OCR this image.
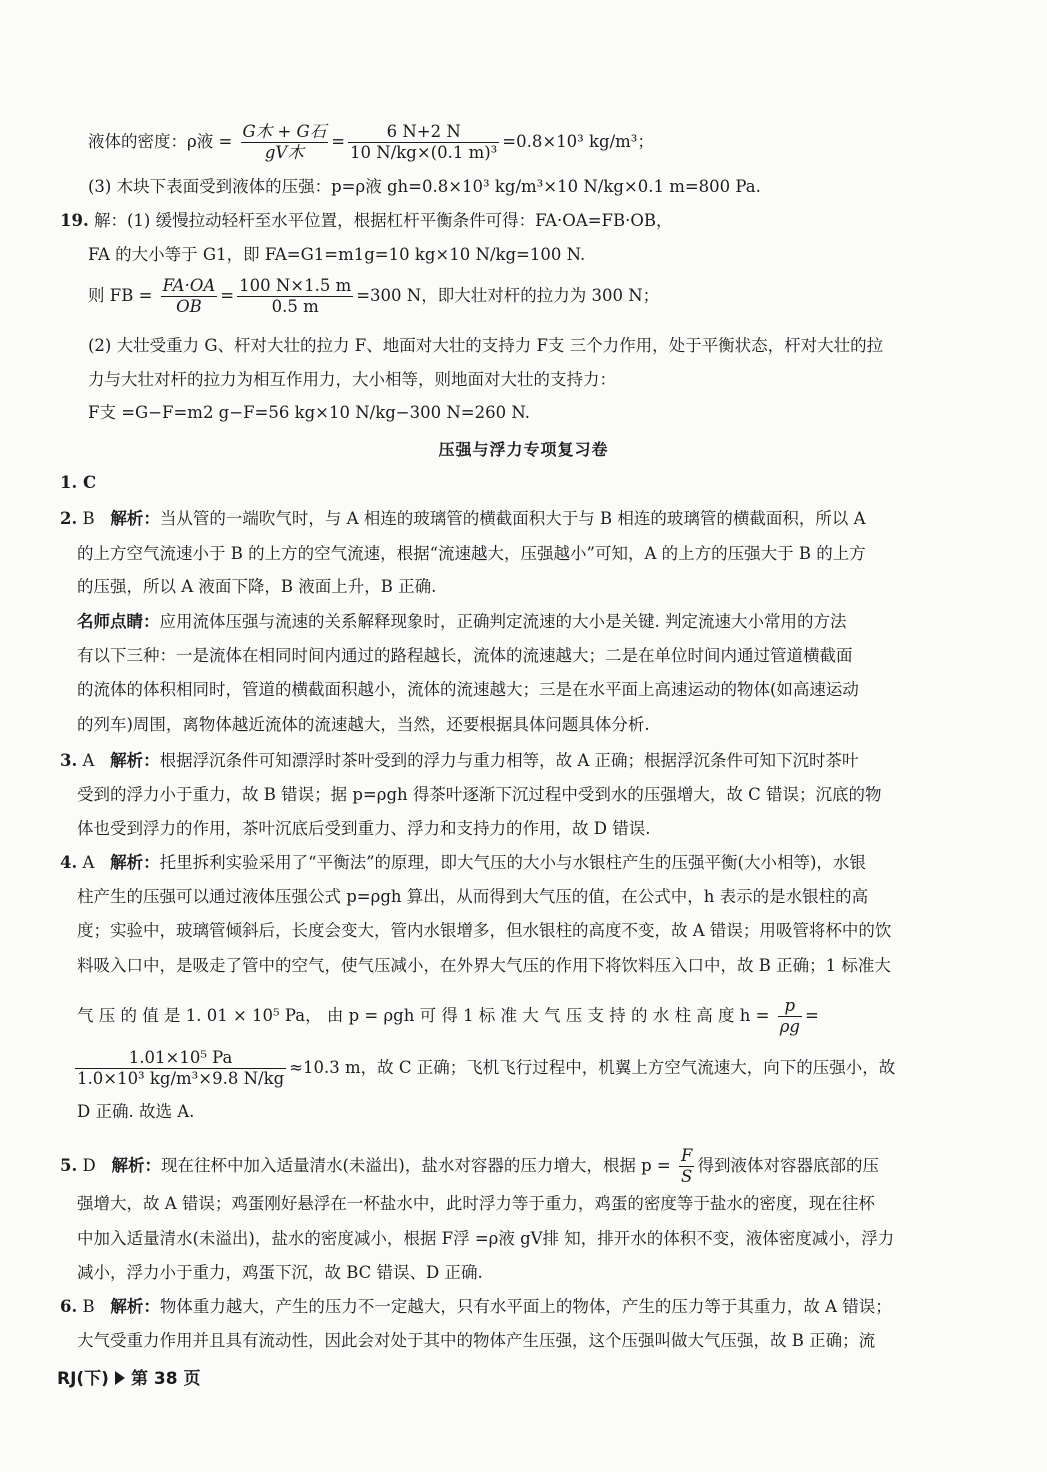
液体的密度：ρ液 = $\frac{\text{G木 + G石}}{\text{gV木}} = \frac{6 N+2 N}{\text{10 N/kg×(0.1 m)³}} =0.8\times 10^3$ kg/m³；
(3) 木块下表面受到液体的压强：p=ρ液 gh=0.8×10³ kg/m³×10 N/kg×0.1 m=800 Pa.
19. 解：(1) 缓慢拉动轻杆至水平位置，根据杠杆平衡条件可得：FA·OA=FB·OB，
FA 的大小等于 G1，即 FA=G1=m1g=10 kg×10 N/kg=100 N.
则 FB = $\frac{FA\cdot OA}{OB} = \frac{100 N\times 1.5 m}{0.5 m} =300$ N，即大壮对杆的拉力为 300 N；
(2) 大壮受重力 G、杆对大壮的拉力 F、地面对大壮的支持力 F支 三个力作用，处于平衡状态，杆对大壮的拉
力与大壮对杆的拉力为相互作用力，大小相等，则地面对大壮的支持力：
F支 =G−F=m2 g−F=56 kg×10 N/kg−300 N=260 N.
压强与浮力专项复习卷
1. C
2. B 解析：当从管的一端吹气时，与 A 相连的玻璃管的横截面积大于与 B 相连的玻璃管的横截面积，所以 A
的上方空气流速小于 B 的上方的空气流速，根据“流速越大，压强越小”可知，A 的上方的压强大于 B 的上方
的压强，所以 A 液面下降，B 液面上升，B 正确.
名师点睛：应用流体压强与流速的关系解释现象时，正确判定流速的大小是关键. 判定流速大小常用的方法
有以下三种：一是流体在相同时间内通过的路程越长，流体的流速越大；二是在单位时间内通过管道横截面
的流体的体积相同时，管道的横截面积越小，流体的流速越大；三是在水平面上高速运动的物体(如高速运动
的列车)周围，离物体越近流体的流速越大，当然，还要根据具体问题具体分析.
3. A 解析：根据浮沉条件可知漂浮时茶叶受到的浮力与重力相等，故 A 正确；根据浮沉条件可知下沉时茶叶
受到的浮力小于重力，故 B 错误；据 p=ρgh 得茶叶逐渐下沉过程中受到水的压强增大，故 C 错误；沉底的物
体也受到浮力的作用，茶叶沉底后受到重力、浮力和支持力的作用，故 D 错误.
4. A 解析：托里拆利实验采用了“平衡法”的原理，即大气压的大小与水银柱产生的压强平衡(大小相等)，水银
柱产生的压强可以通过液体压强公式 p=ρgh 算出，从而得到大气压的值，在公式中，h 表示的是水银柱的高
度；实验中，玻璃管倾斜后，长度会变大，管内水银增多，但水银柱的高度不变，故 A 错误；用吸管将杯中的饮
料吸入口中，是吸走了管中的空气，使气压减小，在外界大气压的作用下将饮料压入口中，故 B 正确；1 标准大
气 压 的 值 是 1. 01 × 10⁵ Pa， 由 p = ρgh 可 得 1 标 准 大 气 压 支 持 的 水 柱 高 度 $h = \frac{p}{\rho g}$ =
$\frac{\text{1.01×10⁵ Pa}}{\text{1.0×10³ kg/m³×9.8 N/kg}} \approx 10.3$ m，故 C 正确；飞机飞行过程中，机翼上方空气流速大，向下的压强小，故
D 正确. 故选 A.
5. D 解析：现在往杯中加入适量清水(未溢出)，盐水对容器的压力增大，根据 $p = \frac{F}{S}$ 得到液体对容器底部的压
强增大，故 A 错误；鸡蛋刚好悬浮在一杯盐水中，此时浮力等于重力，鸡蛋的密度等于盐水的密度，现在往杯
中加入适量清水(未溢出)，盐水的密度减小，根据 F浮 =ρ液 gV排 知，排开水的体积不变，液体密度减小，浮力
减小，浮力小于重力，鸡蛋下沉，故 BC 错误、D 正确.
6. B 解析：物体重力越大，产生的压力不一定越大，只有水平面上的物体，产生的压力等于其重力，故 A 错误；
大气受重力作用并且具有流动性，因此会对处于其中的物体产生压强，这个压强叫做大气压强，故 B 正确；流
RJ(下) 第 38 页
